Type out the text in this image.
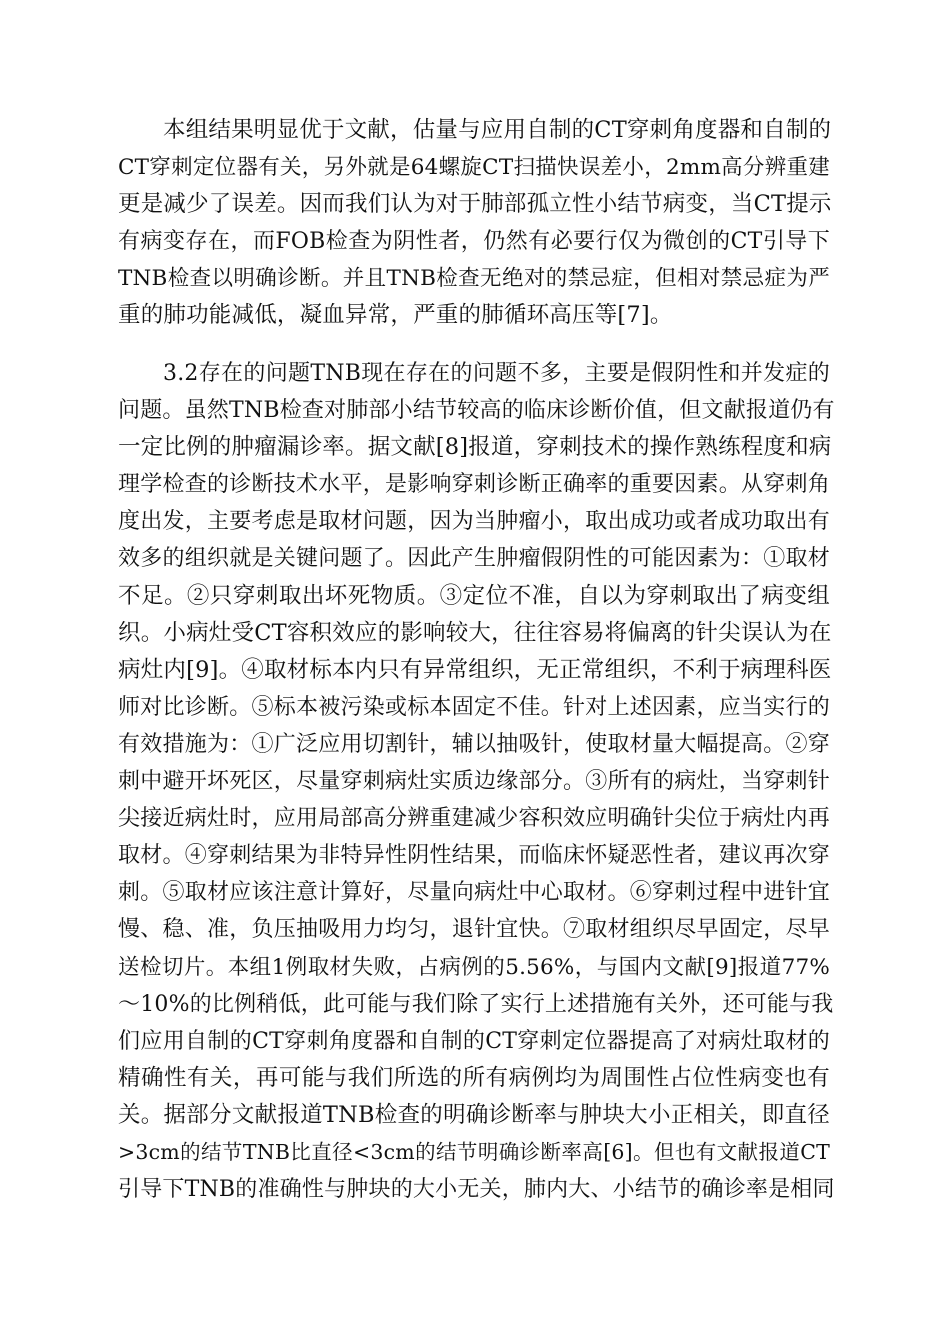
本组结果明显优于文献，估量与应用自制的CT穿刺角度器和自制的
CT穿刺定位器有关，另外就是64螺旋CT扫描快误差小，2mm高分辨重建
更是减少了误差。因而我们认为对于肺部孤立性小结节病变，当CT提示
有病变存在，而FOB检查为阴性者，仍然有必要行仅为微创的CT引导下
TNB检查以明确诊断。并且TNB检查无绝对的禁忌症，但相对禁忌症为严
重的肺功能减低，凝血异常，严重的肺循环高压等[7]。
3.2存在的问题TNB现在存在的问题不多，主要是假阴性和并发症的
问题。虽然TNB检查对肺部小结节较高的临床诊断价值，但文献报道仍有
一定比例的肿瘤漏诊率。据文献[8]报道，穿刺技术的操作熟练程度和病
理学检查的诊断技术水平，是影响穿刺诊断正确率的重要因素。从穿刺角
度出发，主要考虑是取材问题，因为当肿瘤小，取出成功或者成功取出有
效多的组织就是关键问题了。因此产生肿瘤假阴性的可能因素为：①取材
不足。②只穿刺取出坏死物质。③定位不准，自以为穿刺取出了病变组
织。小病灶受CT容积效应的影响较大，往往容易将偏离的针尖误认为在
病灶内[9]。④取材标本内只有异常组织，无正常组织，不利于病理科医
师对比诊断。⑤标本被污染或标本固定不佳。针对上述因素，应当实行的
有效措施为：①广泛应用切割针，辅以抽吸针，使取材量大幅提高。②穿
刺中避开坏死区，尽量穿刺病灶实质边缘部分。③所有的病灶，当穿刺针
尖接近病灶时，应用局部高分辨重建减少容积效应明确针尖位于病灶内再
取材。④穿刺结果为非特异性阴性结果，而临床怀疑恶性者，建议再次穿
刺。⑤取材应该注意计算好，尽量向病灶中心取材。⑥穿刺过程中进针宜
慢、稳、准，负压抽吸用力均匀，退针宜快。⑦取材组织尽早固定，尽早
送检切片。本组1例取材失败，占病例的5.56%，与国内文献[9]报道77%
～10%的比例稍低，此可能与我们除了实行上述措施有关外，还可能与我
们应用自制的CT穿刺角度器和自制的CT穿刺定位器提高了对病灶取材的
精确性有关，再可能与我们所选的所有病例均为周围性占位性病变也有
关。据部分文献报道TNB检查的明确诊断率与肿块大小正相关，即直径
>3cm的结节TNB比直径<3cm的结节明确诊断率高[6]。但也有文献报道CT
引导下TNB的准确性与肿块的大小无关，肺内大、小结节的确诊率是相同
